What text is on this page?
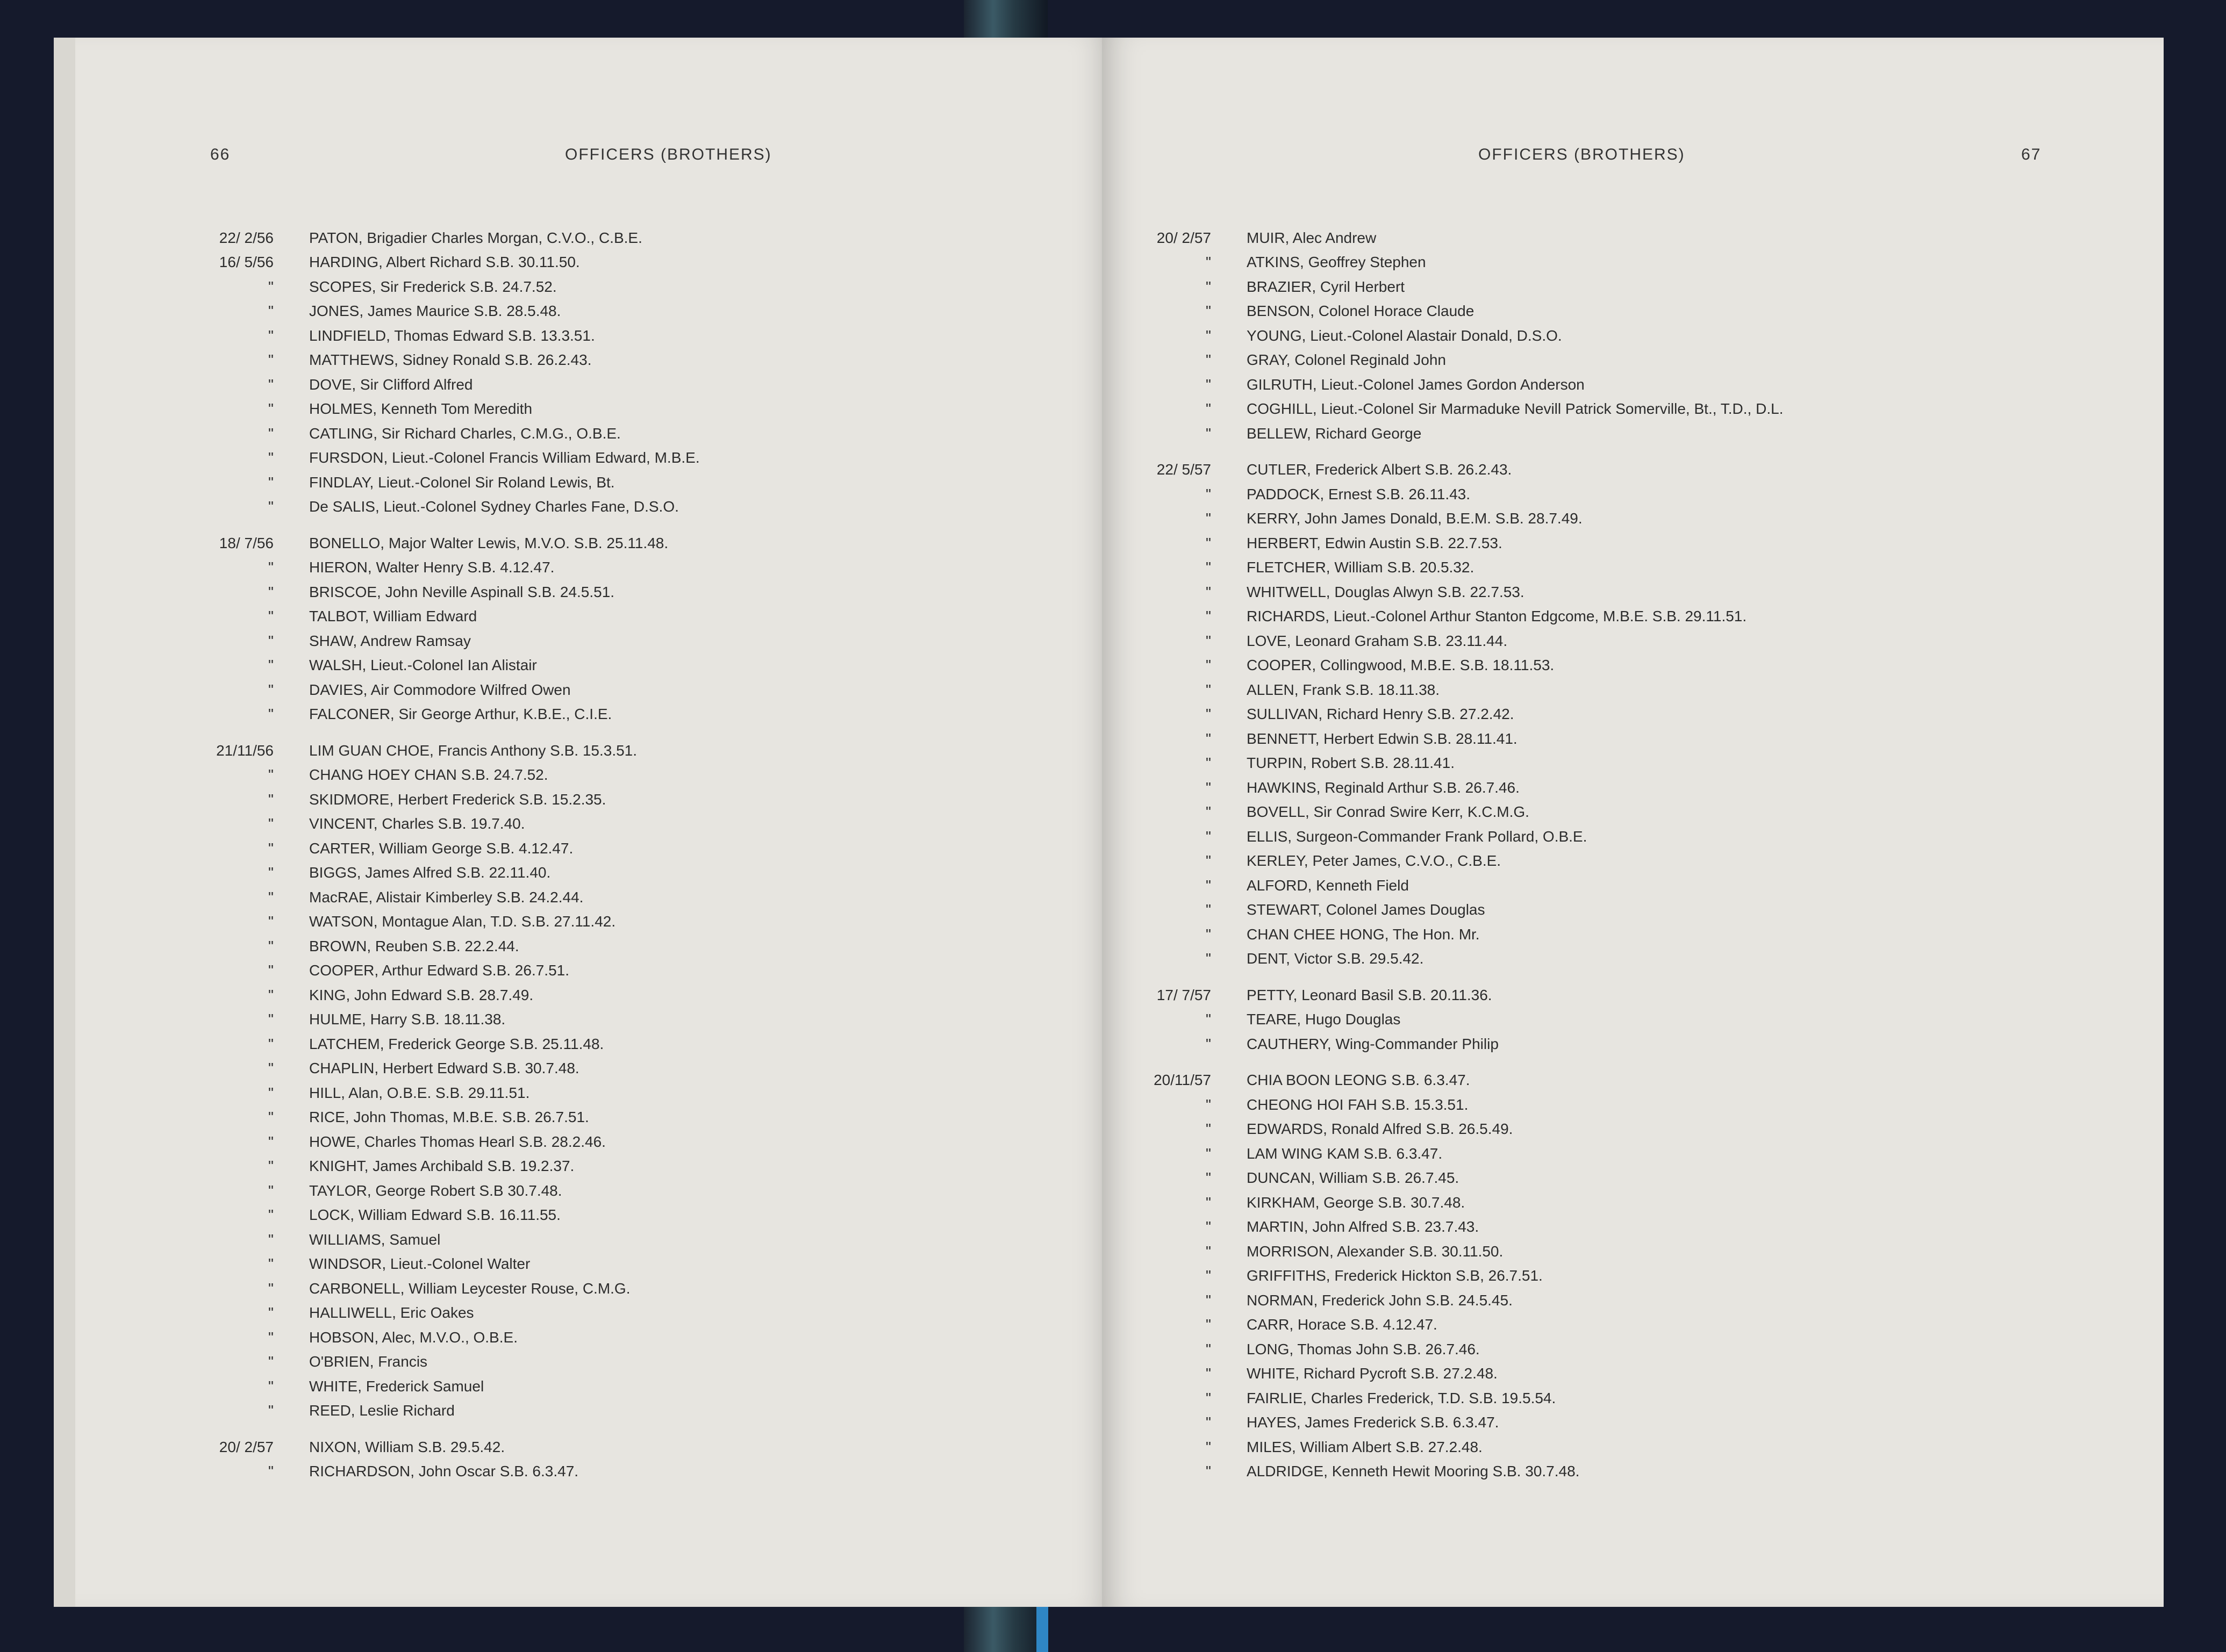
66	OFFICERS (BROTHERS)
22/ 2/56 PATON, Brigadier Charles Morgan, C.V.O., C.B.E.
16/ 5/56 HARDING, Albert Richard S.B. 30.11.50.
" SCOPES, Sir Frederick S.B. 24.7.52.
" JONES, James Maurice S.B. 28.5.48.
" LINDFIELD, Thomas Edward S.B. 13.3.51.
" MATTHEWS, Sidney Ronald S.B. 26.2.43.
" DOVE, Sir Clifford Alfred
" HOLMES, Kenneth Tom Meredith
" CATLING, Sir Richard Charles, C.M.G., O.B.E.
" FURSDON, Lieut.-Colonel Francis William Edward, M.B.E.
" FINDLAY, Lieut.-Colonel Sir Roland Lewis, Bt.
" De SALIS, Lieut.-Colonel Sydney Charles Fane, D.S.O.
18/ 7/56 BONELLO, Major Walter Lewis, M.V.O. S.B. 25.11.48.
" HIERON, Walter Henry S.B. 4.12.47.
" BRISCOE, John Neville Aspinall S.B. 24.5.51.
" TALBOT, William Edward
" SHAW, Andrew Ramsay
" WALSH, Lieut.-Colonel Ian Alistair
" DAVIES, Air Commodore Wilfred Owen
" FALCONER, Sir George Arthur, K.B.E., C.I.E.
21/11/56 LIM GUAN CHOE, Francis Anthony S.B. 15.3.51.
" CHANG HOEY CHAN S.B. 24.7.52.
" SKIDMORE, Herbert Frederick S.B. 15.2.35.
" VINCENT, Charles S.B. 19.7.40.
" CARTER, William George S.B. 4.12.47.
" BIGGS, James Alfred S.B. 22.11.40.
" MacRAE, Alistair Kimberley S.B. 24.2.44.
" WATSON, Montague Alan, T.D. S.B. 27.11.42.
" BROWN, Reuben S.B. 22.2.44.
" COOPER, Arthur Edward S.B. 26.7.51.
" KING, John Edward S.B. 28.7.49.
" HULME, Harry S.B. 18.11.38.
" LATCHEM, Frederick George S.B. 25.11.48.
" CHAPLIN, Herbert Edward S.B. 30.7.48.
" HILL, Alan, O.B.E. S.B. 29.11.51.
" RICE, John Thomas, M.B.E. S.B. 26.7.51.
" HOWE, Charles Thomas Hearl S.B. 28.2.46.
" KNIGHT, James Archibald S.B. 19.2.37.
" TAYLOR, George Robert S.B 30.7.48.
" LOCK, William Edward S.B. 16.11.55.
" WILLIAMS, Samuel
" WINDSOR, Lieut.-Colonel Walter
" CARBONELL, William Leycester Rouse, C.M.G.
" HALLIWELL, Eric Oakes
" HOBSON, Alec, M.V.O., O.B.E.
" O'BRIEN, Francis
" WHITE, Frederick Samuel
" REED, Leslie Richard
20/ 2/57 NIXON, William S.B. 29.5.42.
" RICHARDSON, John Oscar S.B. 6.3.47.
OFFICERS (BROTHERS)	67
20/ 2/57 MUIR, Alec Andrew
" ATKINS, Geoffrey Stephen
" BRAZIER, Cyril Herbert
" BENSON, Colonel Horace Claude
" YOUNG, Lieut.-Colonel Alastair Donald, D.S.O.
" GRAY, Colonel Reginald John
" GILRUTH, Lieut.-Colonel James Gordon Anderson
" COGHILL, Lieut.-Colonel Sir Marmaduke Nevill Patrick Somerville, Bt., T.D., D.L.
" BELLEW, Richard George
22/ 5/57 CUTLER, Frederick Albert S.B. 26.2.43.
" PADDOCK, Ernest S.B. 26.11.43.
" KERRY, John James Donald, B.E.M. S.B. 28.7.49.
" HERBERT, Edwin Austin S.B. 22.7.53.
" FLETCHER, William S.B. 20.5.32.
" WHITWELL, Douglas Alwyn S.B. 22.7.53.
" RICHARDS, Lieut.-Colonel Arthur Stanton Edgcome, M.B.E. S.B. 29.11.51.
" LOVE, Leonard Graham S.B. 23.11.44.
" COOPER, Collingwood, M.B.E. S.B. 18.11.53.
" ALLEN, Frank S.B. 18.11.38.
" SULLIVAN, Richard Henry S.B. 27.2.42.
" BENNETT, Herbert Edwin S.B. 28.11.41.
" TURPIN, Robert S.B. 28.11.41.
" HAWKINS, Reginald Arthur S.B. 26.7.46.
" BOVELL, Sir Conrad Swire Kerr, K.C.M.G.
" ELLIS, Surgeon-Commander Frank Pollard, O.B.E.
" KERLEY, Peter James, C.V.O., C.B.E.
" ALFORD, Kenneth Field
" STEWART, Colonel James Douglas
" CHAN CHEE HONG, The Hon. Mr.
" DENT, Victor S.B. 29.5.42.
17/ 7/57 PETTY, Leonard Basil S.B. 20.11.36.
" TEARE, Hugo Douglas
" CAUTHERY, Wing-Commander Philip
20/11/57 CHIA BOON LEONG S.B. 6.3.47.
" CHEONG HOI FAH S.B. 15.3.51.
" EDWARDS, Ronald Alfred S.B. 26.5.49.
" LAM WING KAM S.B. 6.3.47.
" DUNCAN, William S.B. 26.7.45.
" KIRKHAM, George S.B. 30.7.48.
" MARTIN, John Alfred S.B. 23.7.43.
" MORRISON, Alexander S.B. 30.11.50.
" GRIFFITHS, Frederick Hickton S.B, 26.7.51.
" NORMAN, Frederick John S.B. 24.5.45.
" CARR, Horace S.B. 4.12.47.
" LONG, Thomas John S.B. 26.7.46.
" WHITE, Richard Pycroft S.B. 27.2.48.
" FAIRLIE, Charles Frederick, T.D. S.B. 19.5.54.
" HAYES, James Frederick S.B. 6.3.47.
" MILES, William Albert S.B. 27.2.48.
" ALDRIDGE, Kenneth Hewit Mooring S.B. 30.7.48.
